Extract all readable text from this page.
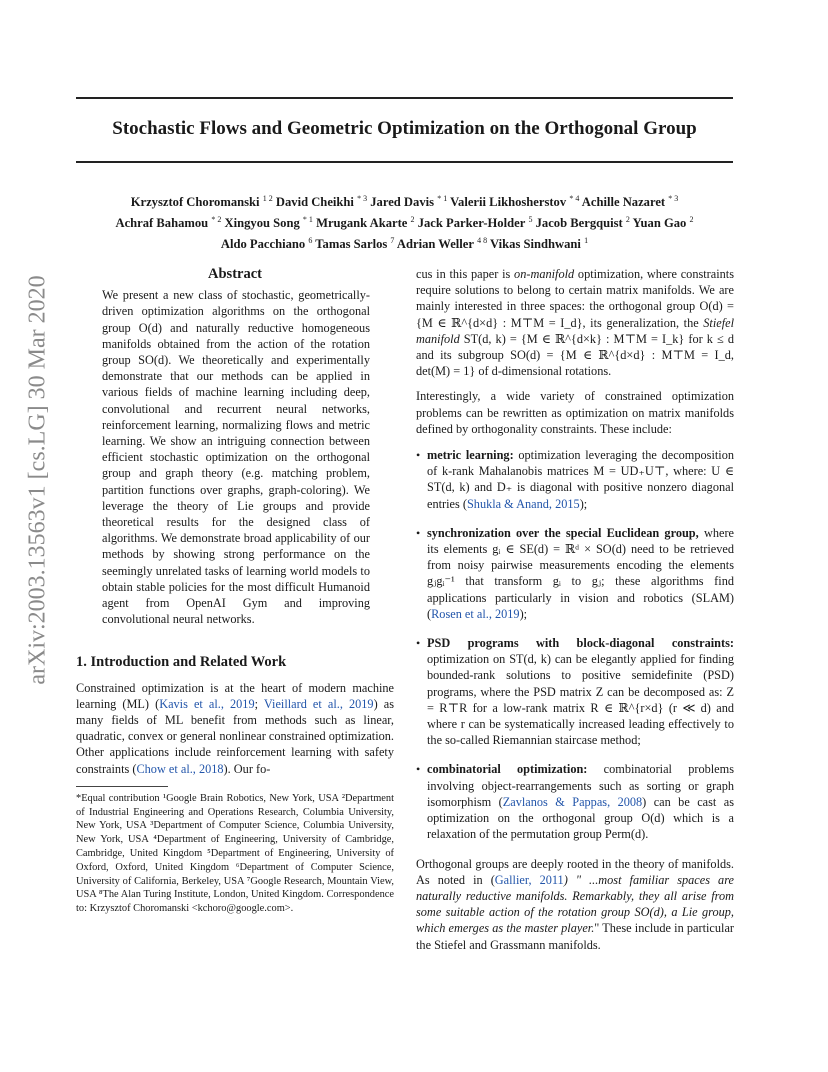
arXiv:2003.13563v1 [cs.LG] 30 Mar 2020
Stochastic Flows and Geometric Optimization on the Orthogonal Group
Krzysztof Choromanski $^{1 2}$ David Cheikhi $^{* 3}$ Jared Davis $^{* 1}$ Valerii Likhosherstov $^{* 4}$ Achille Nazaret $^{* 3}$
Achraf Bahamou $^{* 2}$ Xingyou Song $^{* 1}$ Mrugank Akarte $^2$ Jack Parker-Holder $^5$ Jacob Bergquist $^2$ Yuan Gao $^2$
Aldo Pacchiano $^6$ Tamas Sarlos $^7$ Adrian Weller $^{4 8}$ Vikas Sindhwani $^1$
Abstract

We present a new class of stochastic, geometrically-driven optimization algorithms on the orthogonal group O(d) and naturally reductive homogeneous manifolds obtained from the action of the rotation group SO(d). We theoretically and experimentally demonstrate that our methods can be applied in various fields of machine learning including deep, convolutional and recurrent neural networks, reinforcement learning, normalizing flows and metric learning. We show an intriguing connection between efficient stochastic optimization on the orthogonal group and graph theory (e.g. matching problem, partition functions over graphs, graph-coloring). We leverage the theory of Lie groups and provide theoretical results for the designed class of algorithms. We demonstrate broad applicability of our methods by showing strong performance on the seemingly unrelated tasks of learning world models to obtain stable policies for the most difficult Humanoid agent from OpenAI Gym and improving convolutional neural networks.

1. Introduction and Related Work

Constrained optimization is at the heart of modern machine learning (ML) (Kavis et al., 2019; Vieillard et al., 2019) as many fields of ML benefit from methods such as linear, quadratic, convex or general nonlinear constrained optimization. Other applications include reinforcement learning with safety constraints (Chow et al., 2018). Our fo-

*Equal contribution ¹Google Brain Robotics, New York, USA ²Department of Industrial Engineering and Operations Research, Columbia University, New York, USA ³Department of Computer Science, Columbia University, New York, USA ⁴Department of Engineering, University of Cambridge, Cambridge, United Kingdom ⁵Department of Engineering, University of Oxford, Oxford, United Kingdom ⁶Department of Computer Science, University of California, Berkeley, USA ⁷Google Research, Mountain View, USA ⁸The Alan Turing Institute, London, United Kingdom. Correspondence to: Krzysztof Choromanski <kchoro@google.com>.

cus in this paper is on-manifold optimization, where constraints require solutions to belong to certain matrix manifolds. We are mainly interested in three spaces: the orthogonal group O(d) = {M ∈ ℝ^{d×d} : M⊤M = I_d}, its generalization, the Stiefel manifold ST(d, k) = {M ∈ ℝ^{d×k} : M⊤M = I_k} for k ≤ d and its subgroup SO(d) = {M ∈ ℝ^{d×d} : M⊤M = I_d, det(M) = 1} of d-dimensional rotations.

Interestingly, a wide variety of constrained optimization problems can be rewritten as optimization on matrix manifolds defined by orthogonality constraints. These include:

• metric learning: optimization leveraging the decomposition of k-rank Mahalanobis matrices M = UD₊U⊤, where: U ∈ ST(d, k) and D₊ is diagonal with positive nonzero diagonal entries (Shukla & Anand, 2015);
• synchronization over the special Euclidean group, where its elements gᵢ ∈ SE(d) = ℝᵈ × SO(d) need to be retrieved from noisy pairwise measurements encoding the elements gⱼgᵢ⁻¹ that transform gᵢ to gⱼ; these algorithms find applications particularly in vision and robotics (SLAM) (Rosen et al., 2019);
• PSD programs with block-diagonal constraints: optimization on ST(d, k) can be elegantly applied for finding bounded-rank solutions to positive semidefinite (PSD) programs, where the PSD matrix Z can be decomposed as: Z = R⊤R for a low-rank matrix R ∈ ℝ^{r×d} (r ≪ d) and where r can be systematically increased leading effectively to the so-called Riemannian staircase method;
• combinatorial optimization: combinatorial problems involving object-rearrangements such as sorting or graph isomorphism (Zavlanos & Pappas, 2008) can be cast as optimization on the orthogonal group O(d) which is a relaxation of the permutation group Perm(d).

Orthogonal groups are deeply rooted in the theory of manifolds. As noted in (Gallier, 2011) " ...most familiar spaces are naturally reductive manifolds. Remarkably, they all arise from some suitable action of the rotation group SO(d), a Lie group, which emerges as the master player." These include in particular the Stiefel and Grassmann manifolds.
